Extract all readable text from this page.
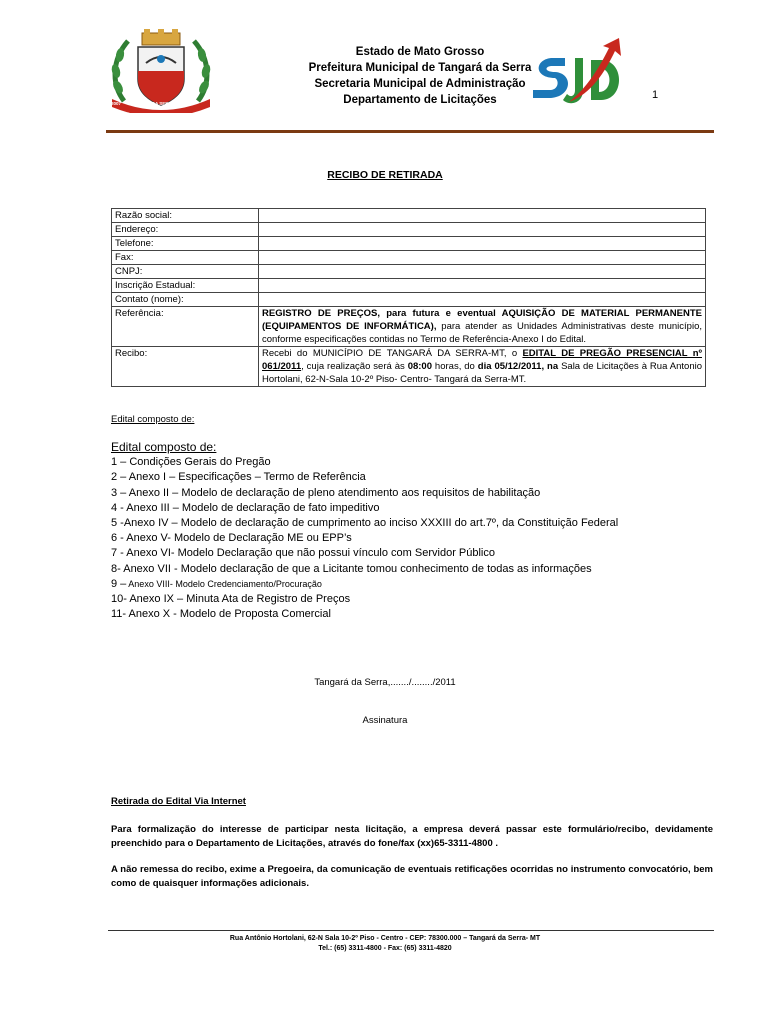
2007 TANGARÁ DA SERRA 1976
Estado de Mato Grosso
Prefeitura Municipal de Tangará da Serra
Secretaria Municipal de Administração
Departamento de Licitações	1
RECIBO DE RETIRADA
Razão social:	
Endereço:	
Telefone:	
Fax:	
CNPJ:	
Inscrição Estadual:	
Contato (nome):	
Referência:	REGISTRO DE PREÇOS, para futura e eventual AQUISIÇÃO DE MATERIAL PERMANENTE (EQUIPAMENTOS DE INFORMÁTICA), para atender as Unidades Administrativas deste município, conforme especificações contidas no Termo de Referência-Anexo I do Edital.
Recibo:	Recebi do MUNICÍPIO DE TANGARÁ DA SERRA-MT, o EDITAL DE PREGÃO PRESENCIAL nº 061/2011, cuja realização será às 08:00 horas, do dia 05/12/2011, na Sala de Licitações à Rua Antonio Hortolani, 62-N-Sala 10-2º Piso- Centro- Tangará da Serra-MT.
Edital composto de:
Edital composto de:
1 – Condições Gerais do Pregão
2 – Anexo I – Especificações – Termo de Referência
3 – Anexo II – Modelo de declaração de pleno atendimento aos requisitos de habilitação
4 - Anexo III – Modelo de declaração de fato impeditivo
5 -Anexo IV – Modelo de declaração de cumprimento ao inciso XXXIII do art.7º, da Constituição Federal
6 - Anexo V- Modelo de Declaração ME ou EPP’s
7 - Anexo VI- Modelo Declaração que não possui vínculo com Servidor Público
8- Anexo VII - Modelo declaração de que a Licitante tomou conhecimento de todas as informações
9 – Anexo VIII- Modelo Credenciamento/Procuração
10- Anexo IX – Minuta Ata de Registro de Preços
11- Anexo X - Modelo de Proposta Comercial
Tangará da Serra,......./......../2011
Assinatura
Retirada do Edital Via Internet
Para formalização do interesse de participar nesta licitação, a empresa deverá passar este formulário/recibo, devidamente preenchido para o Departamento de Licitações, através do fone/fax (xx)65-3311-4800 .
A não remessa do recibo, exime a Pregoeira, da comunicação de eventuais retificações ocorridas no instrumento convocatório, bem como de quaisquer informações adicionais.
Rua Antônio Hortolani, 62-N Sala 10-2º Piso - Centro - CEP: 78300.000 – Tangará da Serra- MT
Tel.: (65) 3311-4800 - Fax: (65) 3311-4820
